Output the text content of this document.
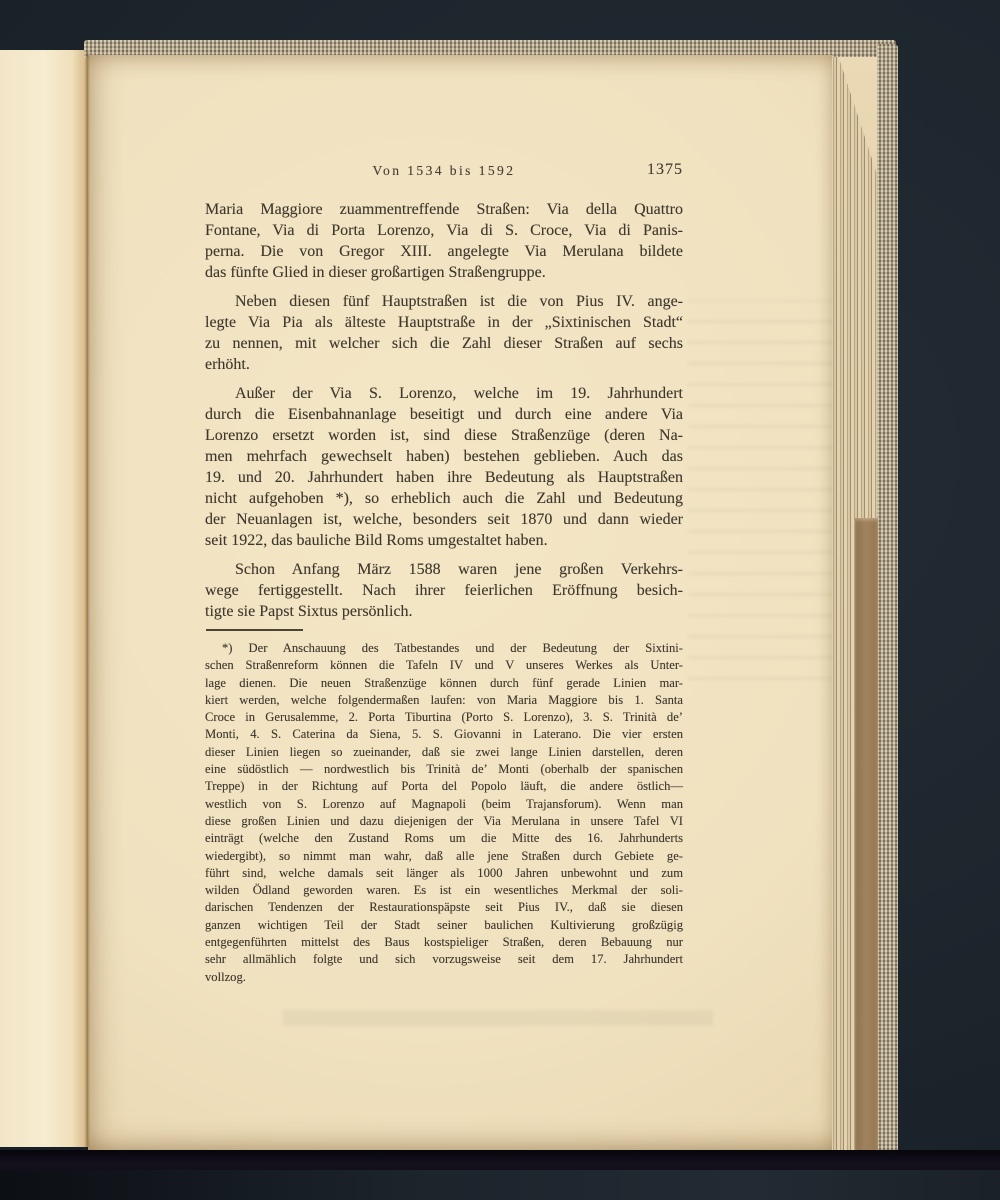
Von 1534 bis 1592	1375
Maria Maggiore zuammentreffende Straßen: Via della Quattro
Fontane, Via di Porta Lorenzo, Via di S. Croce, Via di Panis-
perna. Die von Gregor XIII. angelegte Via Merulana bildete
das fünfte Glied in dieser großartigen Straßengruppe.
Neben diesen fünf Hauptstraßen ist die von Pius IV. ange-
legte Via Pia als älteste Hauptstraße in der „Sixtinischen Stadt“
zu nennen, mit welcher sich die Zahl dieser Straßen auf sechs
erhöht.
Außer der Via S. Lorenzo, welche im 19. Jahrhundert
durch die Eisenbahnanlage beseitigt und durch eine andere Via
Lorenzo ersetzt worden ist, sind diese Straßenzüge (deren Na-
men mehrfach gewechselt haben) bestehen geblieben. Auch das
19. und 20. Jahrhundert haben ihre Bedeutung als Hauptstraßen
nicht aufgehoben *), so erheblich auch die Zahl und Bedeutung
der Neuanlagen ist, welche, besonders seit 1870 und dann wieder
seit 1922, das bauliche Bild Roms umgestaltet haben.
Schon Anfang März 1588 waren jene großen Verkehrs-
wege fertiggestellt. Nach ihrer feierlichen Eröffnung besich-
tigte sie Papst Sixtus persönlich.
*) Der Anschauung des Tatbestandes und der Bedeutung der Sixtini-
schen Straßenreform können die Tafeln IV und V unseres Werkes als Unter-
lage dienen. Die neuen Straßenzüge können durch fünf gerade Linien mar-
kiert werden, welche folgendermaßen laufen: von Maria Maggiore bis 1. Santa
Croce in Gerusalemme, 2. Porta Tiburtina (Porto S. Lorenzo), 3. S. Trinità de’
Monti, 4. S. Caterina da Siena, 5. S. Giovanni in Laterano. Die vier ersten
dieser Linien liegen so zueinander, daß sie zwei lange Linien darstellen, deren
eine südöstlich — nordwestlich bis Trinità de’ Monti (oberhalb der spanischen
Treppe) in der Richtung auf Porta del Popolo läuft, die andere östlich—
westlich von S. Lorenzo auf Magnapoli (beim Trajansforum). Wenn man
diese großen Linien und dazu diejenigen der Via Merulana in unsere Tafel VI
einträgt (welche den Zustand Roms um die Mitte des 16. Jahrhunderts
wiedergibt), so nimmt man wahr, daß alle jene Straßen durch Gebiete ge-
führt sind, welche damals seit länger als 1000 Jahren unbewohnt und zum
wilden Ödland geworden waren. Es ist ein wesentliches Merkmal der soli-
darischen Tendenzen der Restaurationspäpste seit Pius IV., daß sie diesen
ganzen wichtigen Teil der Stadt seiner baulichen Kultivierung großzügig
entgegenführten mittelst des Baus kostspieliger Straßen, deren Bebauung nur
sehr allmählich folgte und sich vorzugsweise seit dem 17. Jahrhundert
vollzog.
